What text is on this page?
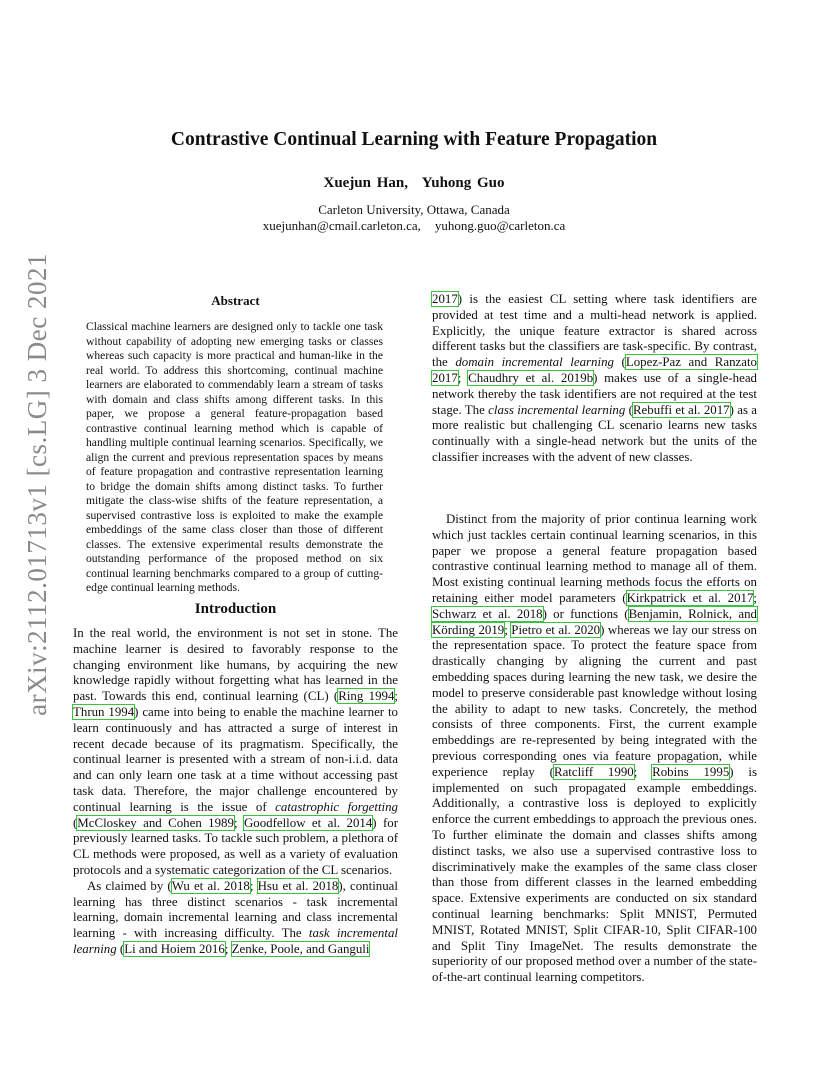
arXiv:2112.01713v1 [cs.LG] 3 Dec 2021
Contrastive Continual Learning with Feature Propagation
Xuejun Han, Yuhong Guo
Carleton University, Ottawa, Canada
xuejunhan@cmail.carleton.ca, yuhong.guo@carleton.ca
Abstract
Classical machine learners are designed only to tackle one task without capability of adopting new emerging tasks or classes whereas such capacity is more practical and human-like in the real world. To address this shortcoming, continual machine learners are elaborated to commendably learn a stream of tasks with domain and class shifts among different tasks. In this paper, we propose a general feature-propagation based contrastive continual learning method which is capable of handling multiple continual learning scenarios. Specifically, we align the current and previous representation spaces by means of feature propagation and contrastive representation learning to bridge the domain shifts among distinct tasks. To further mitigate the class-wise shifts of the feature representation, a supervised contrastive loss is exploited to make the example embeddings of the same class closer than those of different classes. The extensive experimental results demonstrate the outstanding performance of the proposed method on six continual learning benchmarks compared to a group of cutting-edge continual learning methods.
Introduction

In the real world, the environment is not set in stone. The machine learner is desired to favorably response to the changing environment like humans, by acquiring the new knowledge rapidly without forgetting what has learned in the past. Towards this end, continual learning (CL) (Ring 1994; Thrun 1994) came into being to enable the machine learner to learn continuously and has attracted a surge of interest in recent decade because of its pragmatism. Specifically, the continual learner is presented with a stream of non-i.i.d. data and can only learn one task at a time without accessing past task data. Therefore, the major challenge encountered by continual learning is the issue of catastrophic forgetting (McCloskey and Cohen 1989; Goodfellow et al. 2014) for previously learned tasks. To tackle such problem, a plethora of CL methods were proposed, as well as a variety of evaluation protocols and a systematic categorization of the CL scenarios.

As claimed by (Wu et al. 2018; Hsu et al. 2018), continual learning has three distinct scenarios - task incremental learning, domain incremental learning and class incremental learning - with increasing difficulty. The task incremental learning (Li and Hoiem 2016; Zenke, Poole, and Ganguli

2017) is the easiest CL setting where task identifiers are provided at test time and a multi-head network is applied. Explicitly, the unique feature extractor is shared across different tasks but the classifiers are task-specific. By contrast, the domain incremental learning (Lopez-Paz and Ranzato 2017; Chaudhry et al. 2019b) makes use of a single-head network thereby the task identifiers are not required at the test stage. The class incremental learning (Rebuffi et al. 2017) as a more realistic but challenging CL scenario learns new tasks continually with a single-head network but the units of the classifier increases with the advent of new classes.

Distinct from the majority of prior continua learning work which just tackles certain continual learning scenarios, in this paper we propose a general feature propagation based contrastive continual learning method to manage all of them. Most existing continual learning methods focus the efforts on retaining either model parameters (Kirkpatrick et al. 2017; Schwarz et al. 2018) or functions (Benjamin, Rolnick, and Körding 2019; Pietro et al. 2020) whereas we lay our stress on the representation space. To protect the feature space from drastically changing by aligning the current and past embedding spaces during learning the new task, we desire the model to preserve considerable past knowledge without losing the ability to adapt to new tasks. Concretely, the method consists of three components. First, the current example embeddings are re-represented by being integrated with the previous corresponding ones via feature propagation, while experience replay (Ratcliff 1990; Robins 1995) is implemented on such propagated example embeddings. Additionally, a contrastive loss is deployed to explicitly enforce the current embeddings to approach the previous ones. To further eliminate the domain and classes shifts among distinct tasks, we also use a supervised contrastive loss to discriminatively make the examples of the same class closer than those from different classes in the learned embedding space. Extensive experiments are conducted on six standard continual learning benchmarks: Split MNIST, Permuted MNIST, Rotated MNIST, Split CIFAR-10, Split CIFAR-100 and Split Tiny ImageNet. The results demonstrate the superiority of our proposed method over a number of the state-of-the-art continual learning competitors.
